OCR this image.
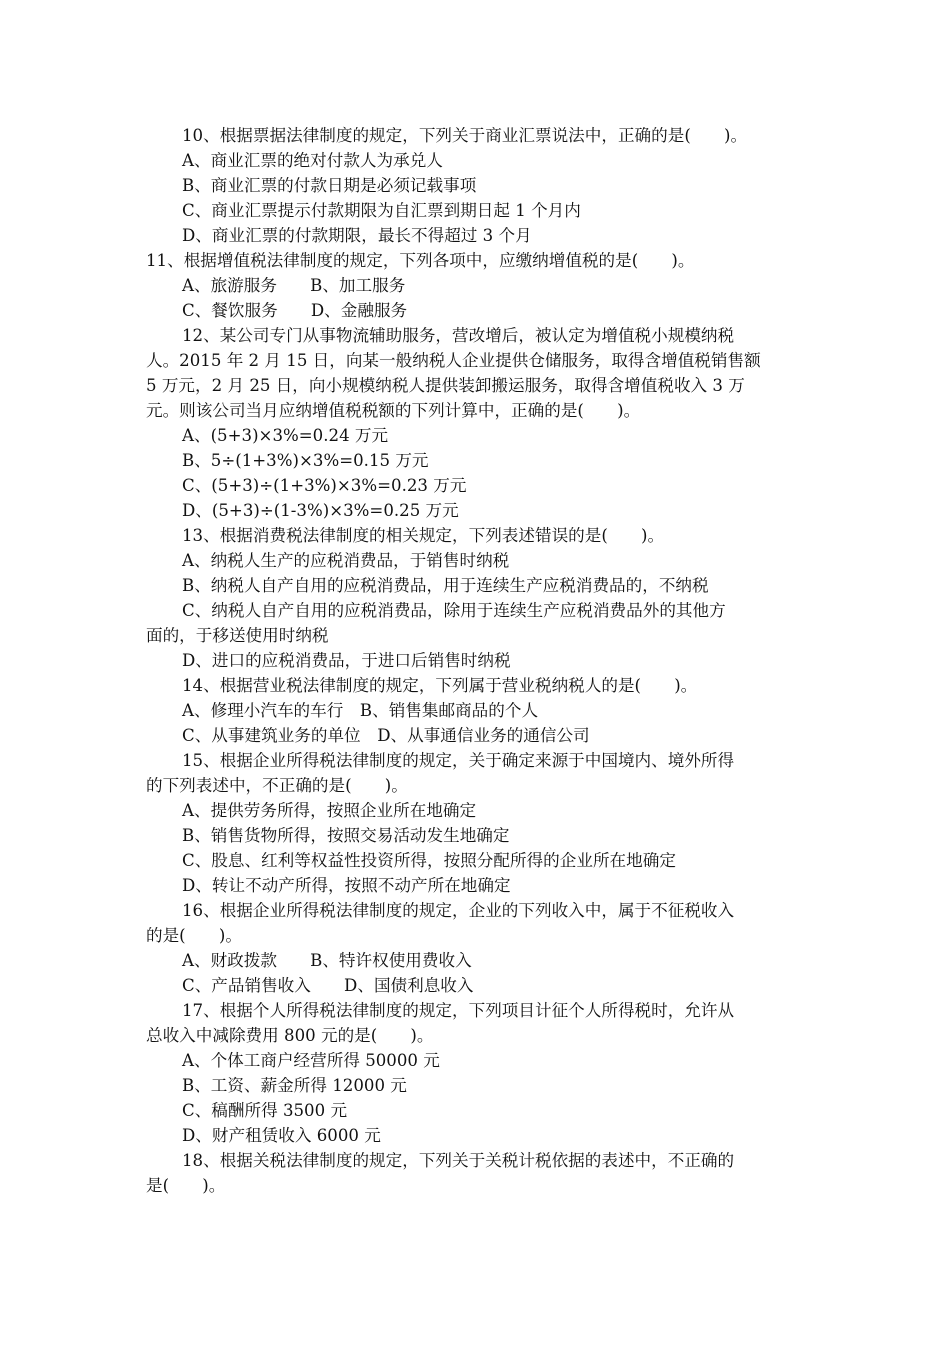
10、根据票据法律制度的规定，下列关于商业汇票说法中，正确的是(　　)。
A、商业汇票的绝对付款人为承兑人
B、商业汇票的付款日期是必须记载事项
C、商业汇票提示付款期限为自汇票到期日起 1 个月内
D、商业汇票的付款期限，最长不得超过 3 个月
11、根据增值税法律制度的规定，下列各项中，应缴纳增值税的是(　　)。
A、旅游服务　　B、加工服务
C、餐饮服务　　D、金融服务
12、某公司专门从事物流辅助服务，营改增后，被认定为增值税小规模纳税
人。2015 年 2 月 15 日，向某一般纳税人企业提供仓储服务，取得含增值税销售额
5 万元，2 月 25 日，向小规模纳税人提供装卸搬运服务，取得含增值税收入 3 万
元。则该公司当月应纳增值税税额的下列计算中，正确的是(　　)。
A、(5+3)×3%=0.24 万元
B、5÷(1+3%)×3%=0.15 万元
C、(5+3)÷(1+3%)×3%=0.23 万元
D、(5+3)÷(1-3%)×3%=0.25 万元
13、根据消费税法律制度的相关规定，下列表述错误的是(　　)。
A、纳税人生产的应税消费品，于销售时纳税
B、纳税人自产自用的应税消费品，用于连续生产应税消费品的，不纳税
C、纳税人自产自用的应税消费品，除用于连续生产应税消费品外的其他方
面的，于移送使用时纳税
D、进口的应税消费品，于进口后销售时纳税
14、根据营业税法律制度的规定，下列属于营业税纳税人的是(　　)。
A、修理小汽车的车行　B、销售集邮商品的个人
C、从事建筑业务的单位　D、从事通信业务的通信公司
15、根据企业所得税法律制度的规定，关于确定来源于中国境内、境外所得
的下列表述中，不正确的是(　　)。
A、提供劳务所得，按照企业所在地确定
B、销售货物所得，按照交易活动发生地确定
C、股息、红利等权益性投资所得，按照分配所得的企业所在地确定
D、转让不动产所得，按照不动产所在地确定
16、根据企业所得税法律制度的规定，企业的下列收入中，属于不征税收入
的是(　　)。
A、财政拨款　　B、特许权使用费收入
C、产品销售收入　　D、国债利息收入
17、根据个人所得税法律制度的规定，下列项目计征个人所得税时，允许从
总收入中减除费用 800 元的是(　　)。
A、个体工商户经营所得 50000 元
B、工资、薪金所得 12000 元
C、稿酬所得 3500 元
D、财产租赁收入 6000 元
18、根据关税法律制度的规定，下列关于关税计税依据的表述中，不正确的
是(　　)。
